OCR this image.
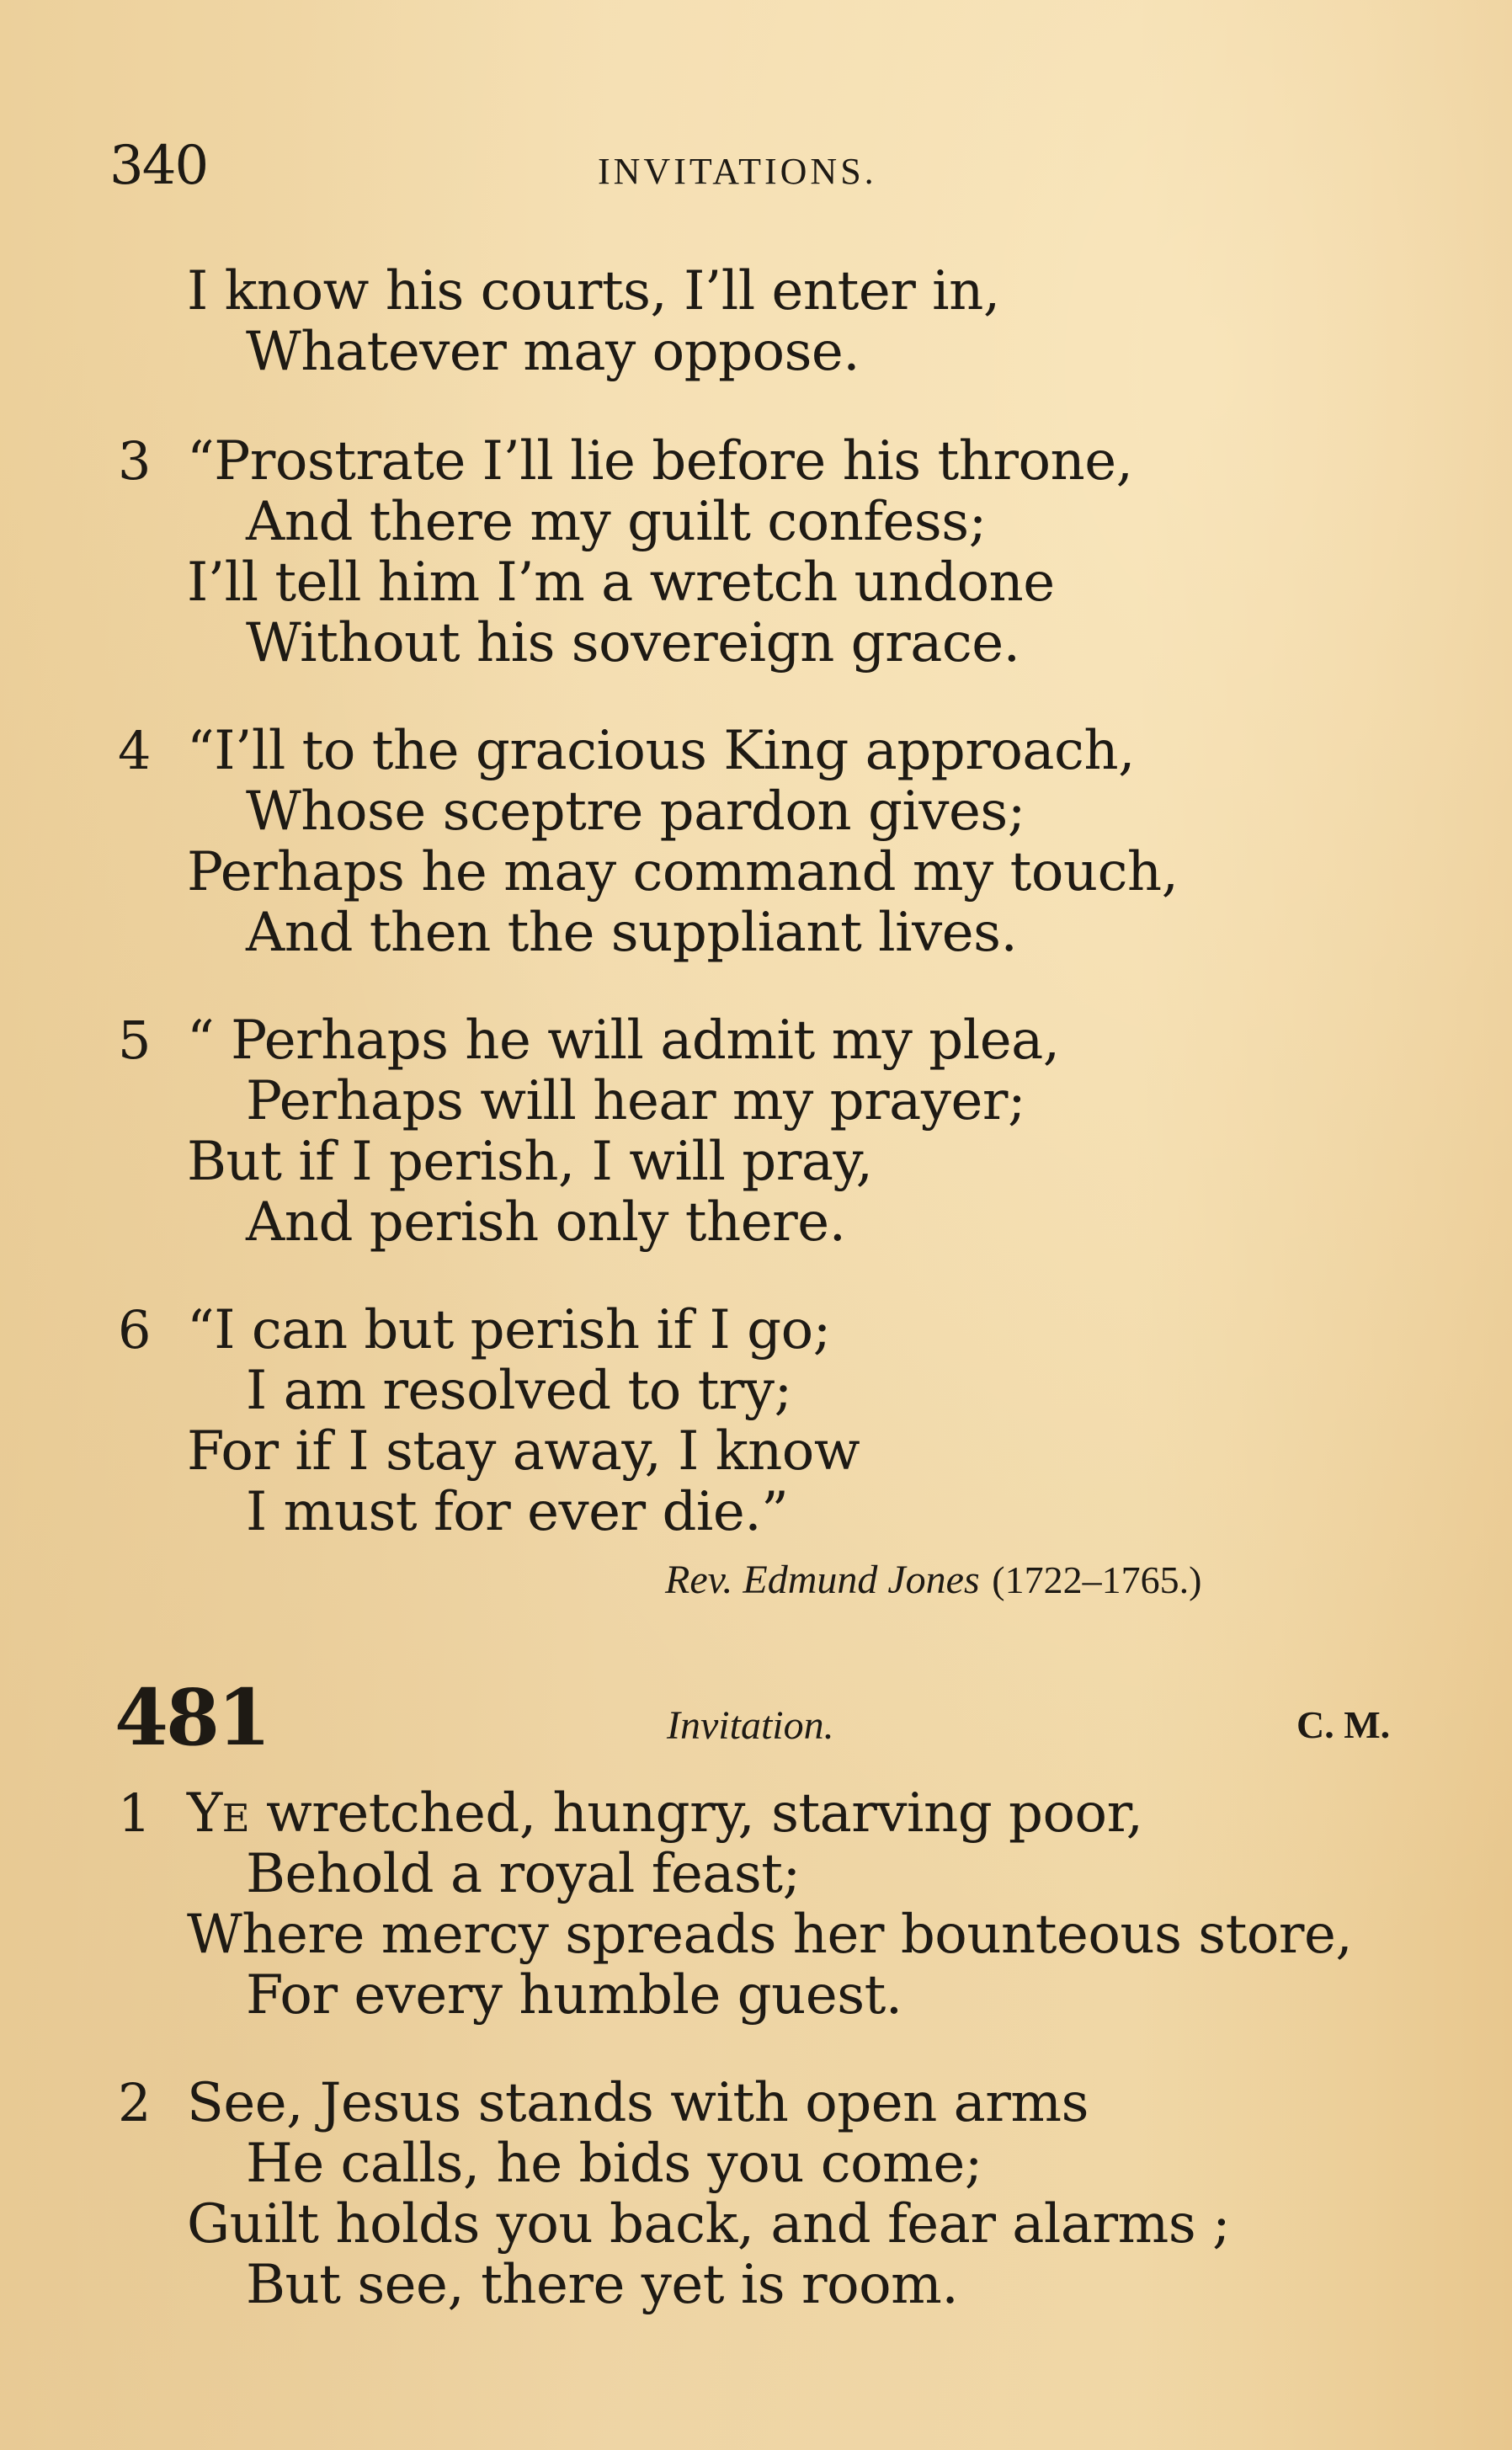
340	INVITATIONS.
I know his courts, I’ll enter in,
Whatever may oppose.
3 “Prostrate I’ll lie before his throne,
And there my guilt confess;
I’ll tell him I’m a wretch undone
Without his sovereign grace.
4 “I’ll to the gracious King approach,
Whose sceptre pardon gives;
Perhaps he may command my touch,
And then the suppliant lives.
5 “ Perhaps he will admit my plea,
Perhaps will hear my prayer;
But if I perish, I will pray,
And perish only there.
6 “I can but perish if I go;
I am resolved to try;
For if I stay away, I know
I must for ever die.”
Rev. Edmund Jones (1722–1765.)
481	Invitation.	C. M.
1 Ye wretched, hungry, starving poor,
Behold a royal feast;
Where mercy spreads her bounteous store,
For every humble guest.
2 See, Jesus stands with open arms
He calls, he bids you come;
Guilt holds you back, and fear alarms ;
But see, there yet is room.
